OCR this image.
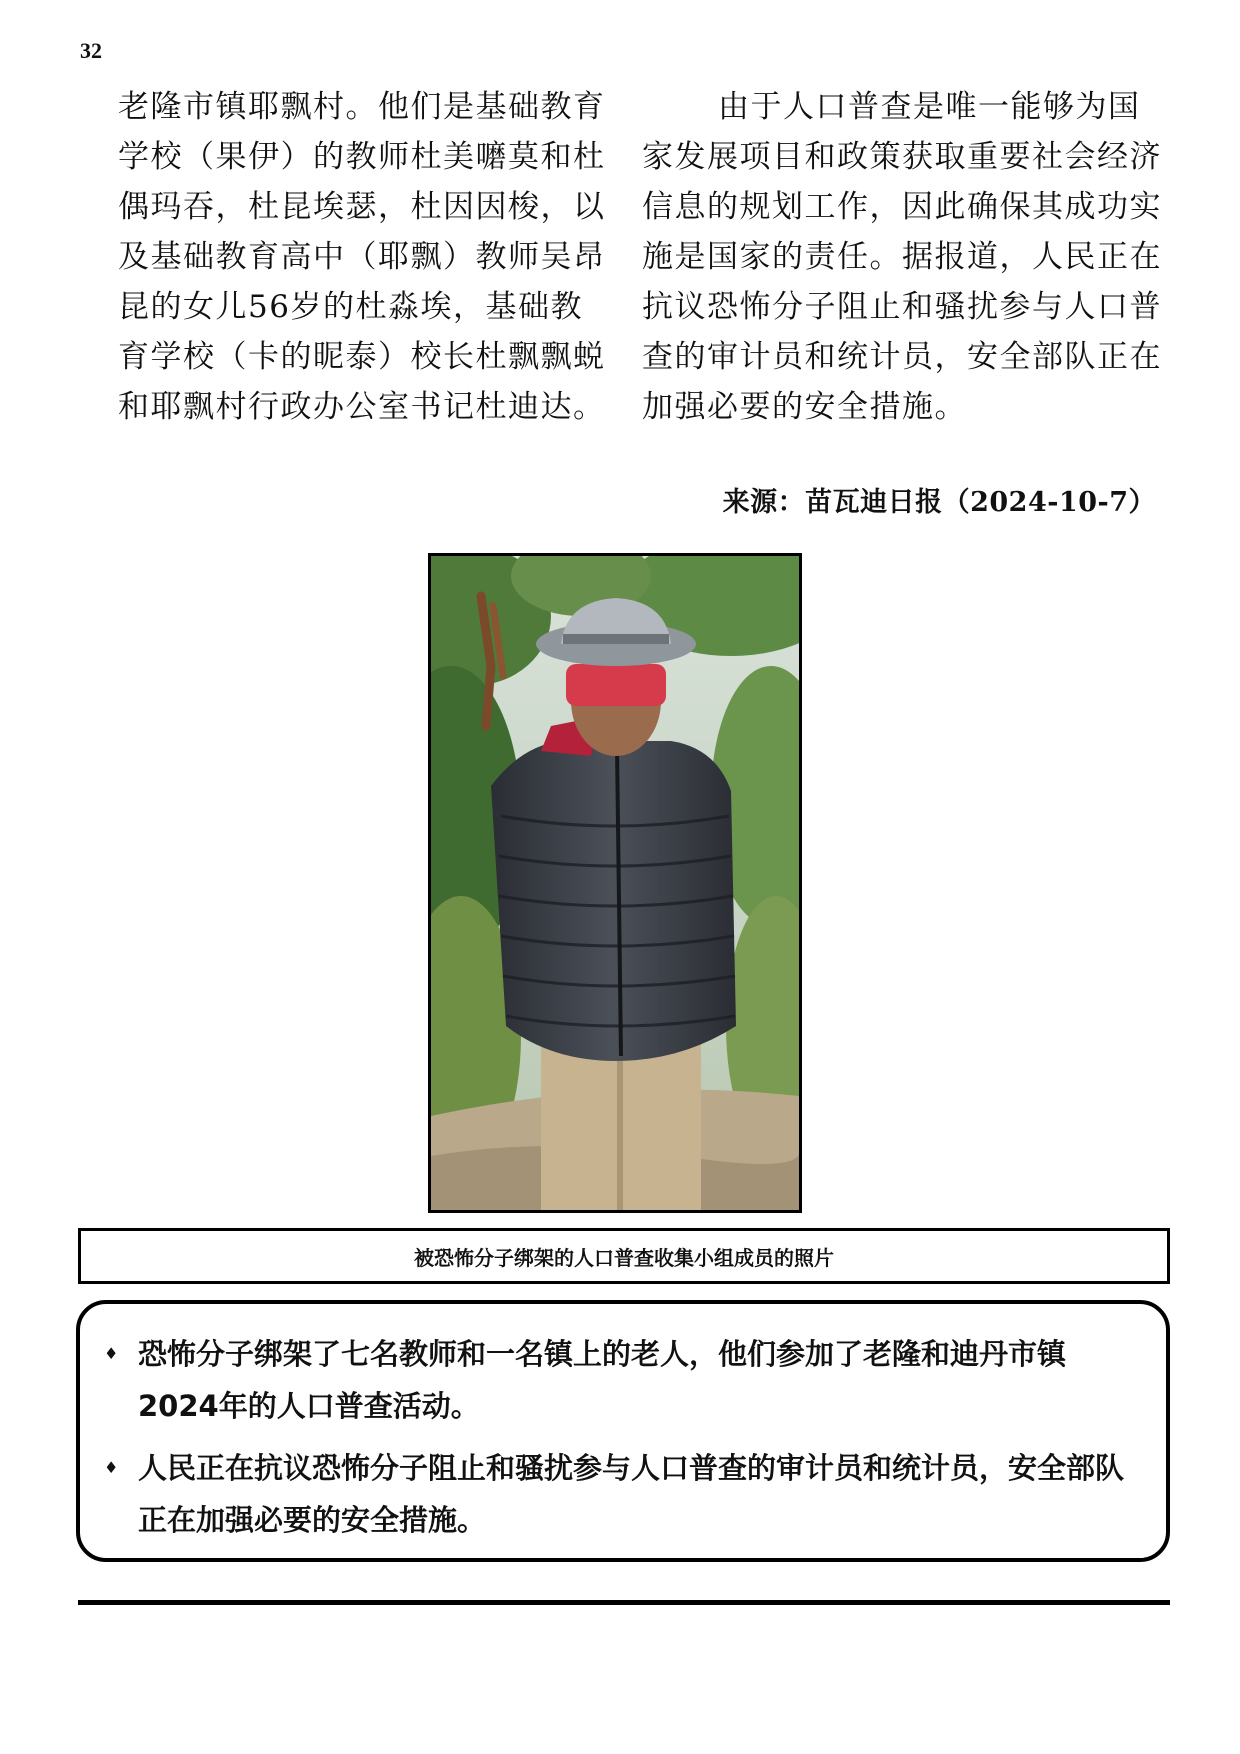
32

老隆市镇耶飘村。他们是基础教育学校（果伊）的教师杜美嚰莫和杜偶玛吞，杜昆埃瑟，杜因因梭，以及基础教育高中（耶飘）教师吴昂昆的女儿56岁的杜淼埃，基础教育学校（卡的昵泰）校长杜飘飘蜕和耶飘村行政办公室书记杜迪达。

由于人口普查是唯一能够为国家发展项目和政策获取重要社会经济信息的规划工作，因此确保其成功实施是国家的责任。据报道，人民正在抗议恐怖分子阻止和骚扰参与人口普查的审计员和统计员，安全部队正在加强必要的安全措施。

来源：苗瓦迪日报（2024-10-7）
被恐怖分子绑架的人口普查收集小组成员的照片
♦ 恐怖分子绑架了七名教师和一名镇上的老人，他们参加了老隆和迪丹市镇2024年的人口普查活动。
♦ 人民正在抗议恐怖分子阻止和骚扰参与人口普查的审计员和统计员，安全部队正在加强必要的安全措施。
